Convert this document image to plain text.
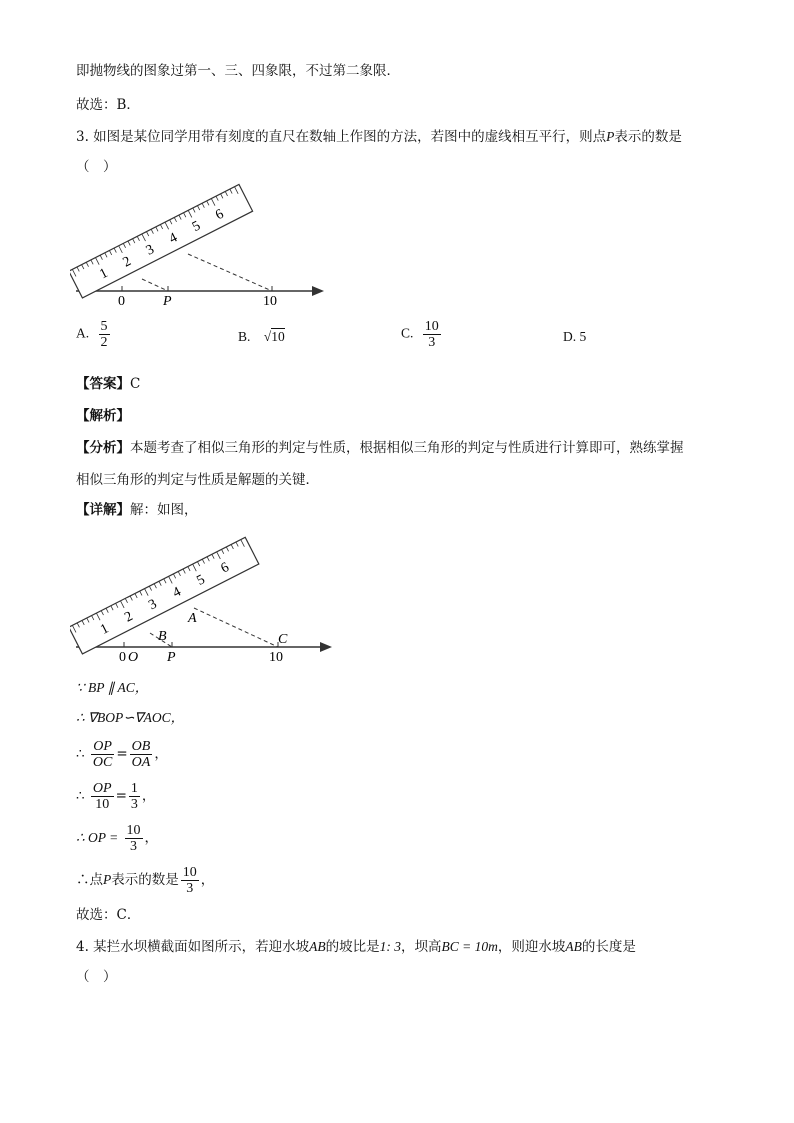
即抛物线的图象过第一、三、四象限，不过第二象限．
故选：B．
3. 如图是某位同学用带有刻度的直尺在数轴上作图的方法，若图中的虚线相互平行，则点P表示的数是
（　）
1
2
3
4
5
6
0	P	10
A. $\frac{5}{2}$	B. √10	C. $\frac{10}{3}$	D. 5
【答案】C
【解析】
【分析】本题考查了相似三角形的判定与性质，根据相似三角形的判定与性质进行计算即可，熟练掌握
相似三角形的判定与性质是解题的关键．
【详解】解：如图，
1
2
3
4
5
6
B
A
C
0 O P	10
∵ BP ∥ AC，
∴ ∇BOP∽∇AOC，
∴ $\frac{OP}{OC} = \frac{OB}{OA}$ ，
∴ $\frac{OP}{10} = \frac{1}{3}$ ，
∴ OP = $\frac{10}{3}$ ，
∴点P表示的数是 $\frac{10}{3}$ ，
故选：C．
4. 某拦水坝横截面如图所示，若迎水坡AB的坡比是1: 3，坝高BC = 10m，则迎水坡AB的长度是
（　）
